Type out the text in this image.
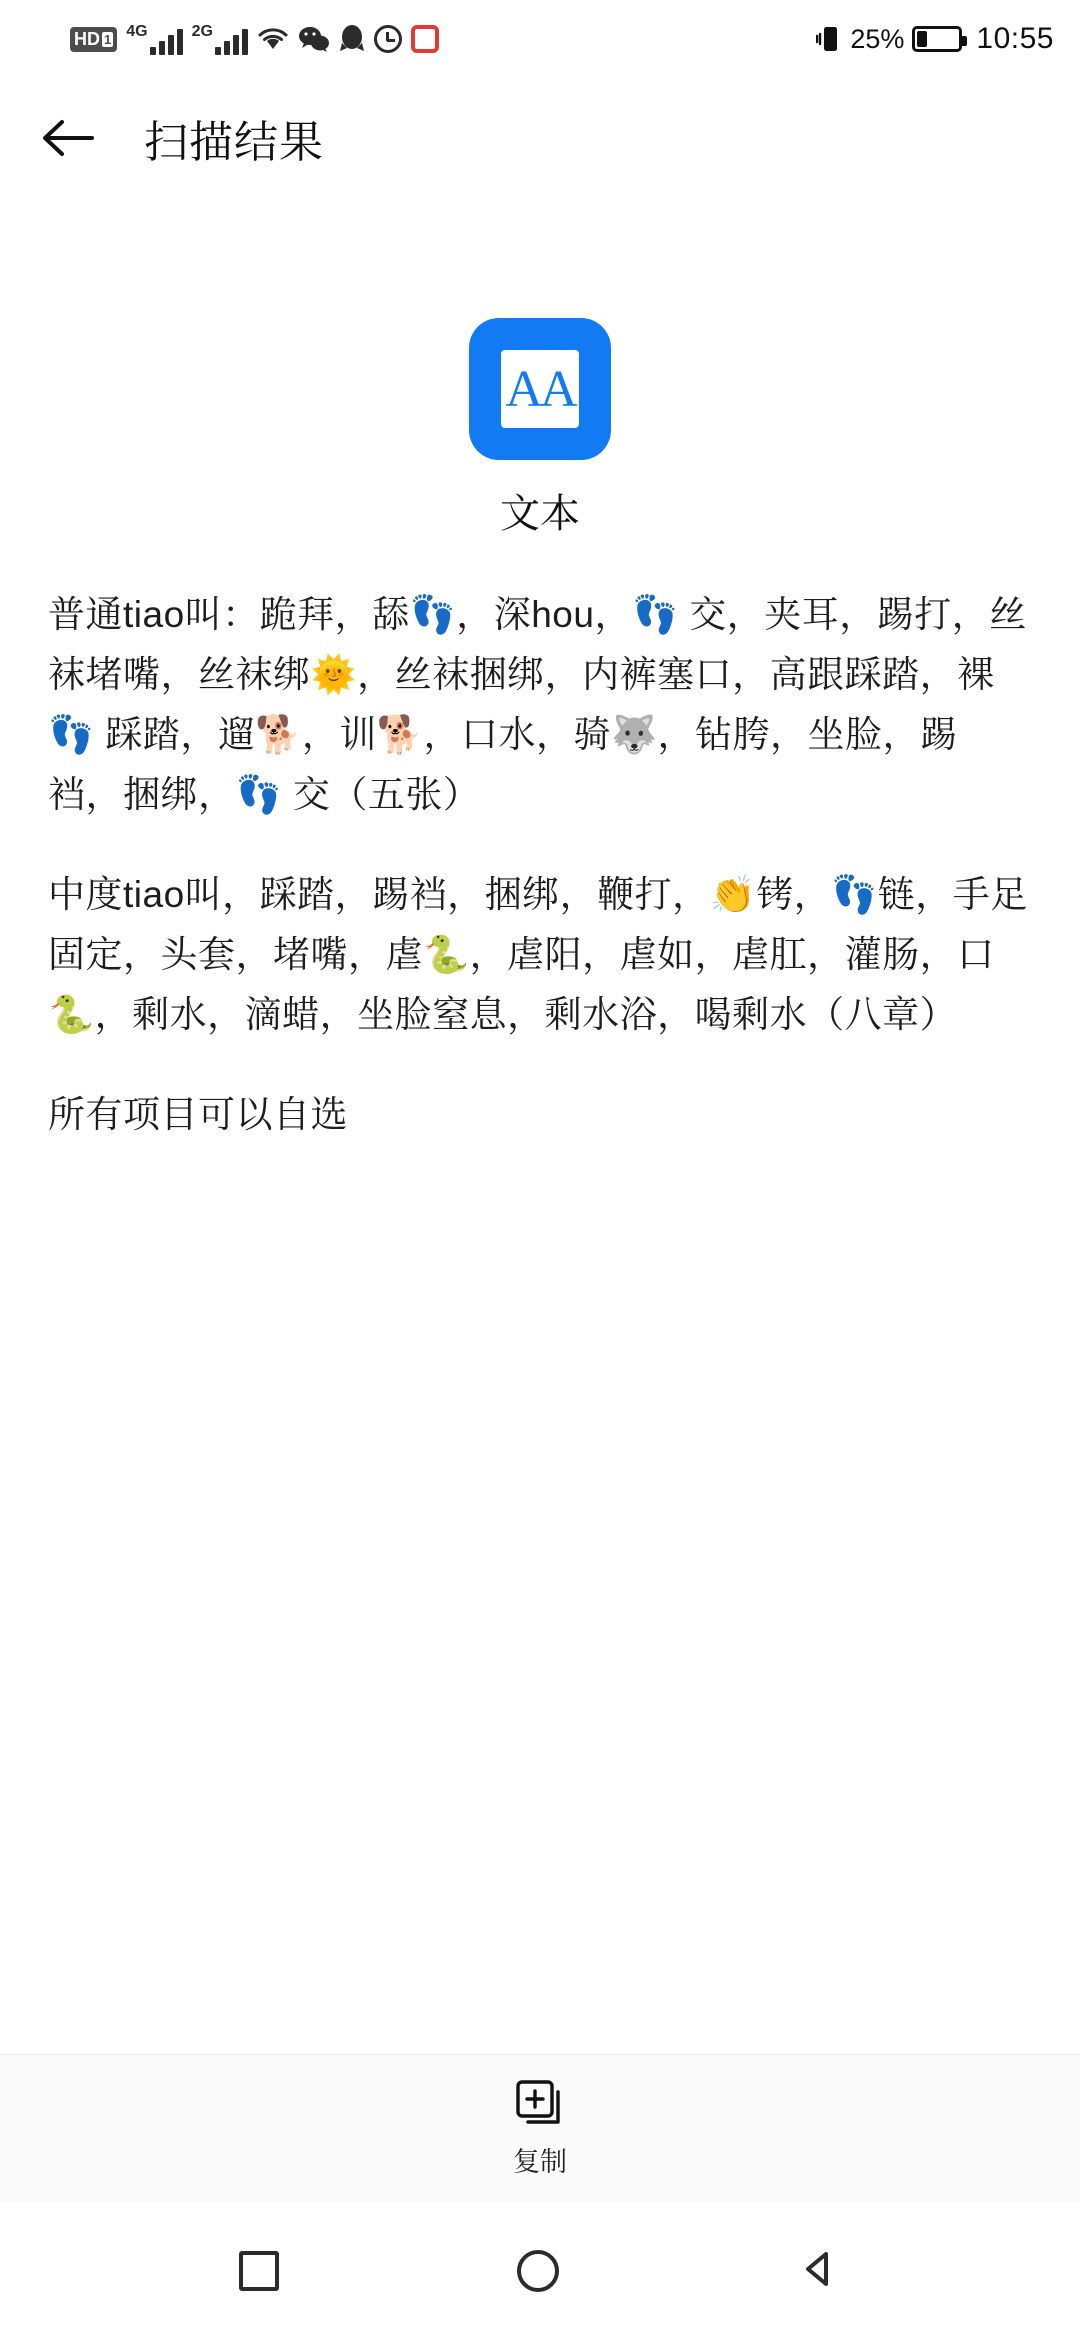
HD 1 4G	2G	25% 10:55
扫描结果
AA
文本

普通tiao叫：跪拜，舔👣，深hou，👣 交，夹耳，踢打，丝袜堵嘴，丝袜绑🌞，丝袜捆绑，内裤塞口，高跟踩踏，裸👣 踩踏，遛🐕，训🐕，口水，骑🐺，钻胯，坐脸，踢裆，捆绑，👣 交（五张）

中度tiao叫，踩踏，踢裆，捆绑，鞭打，👏铐，👣链，手足固定，头套，堵嘴，虐🐍，虐阳，虐如，虐肛，灌肠，口🐍，剩水，滴蜡，坐脸窒息，剩水浴，喝剩水（八章）

所有项目可以自选

复制
